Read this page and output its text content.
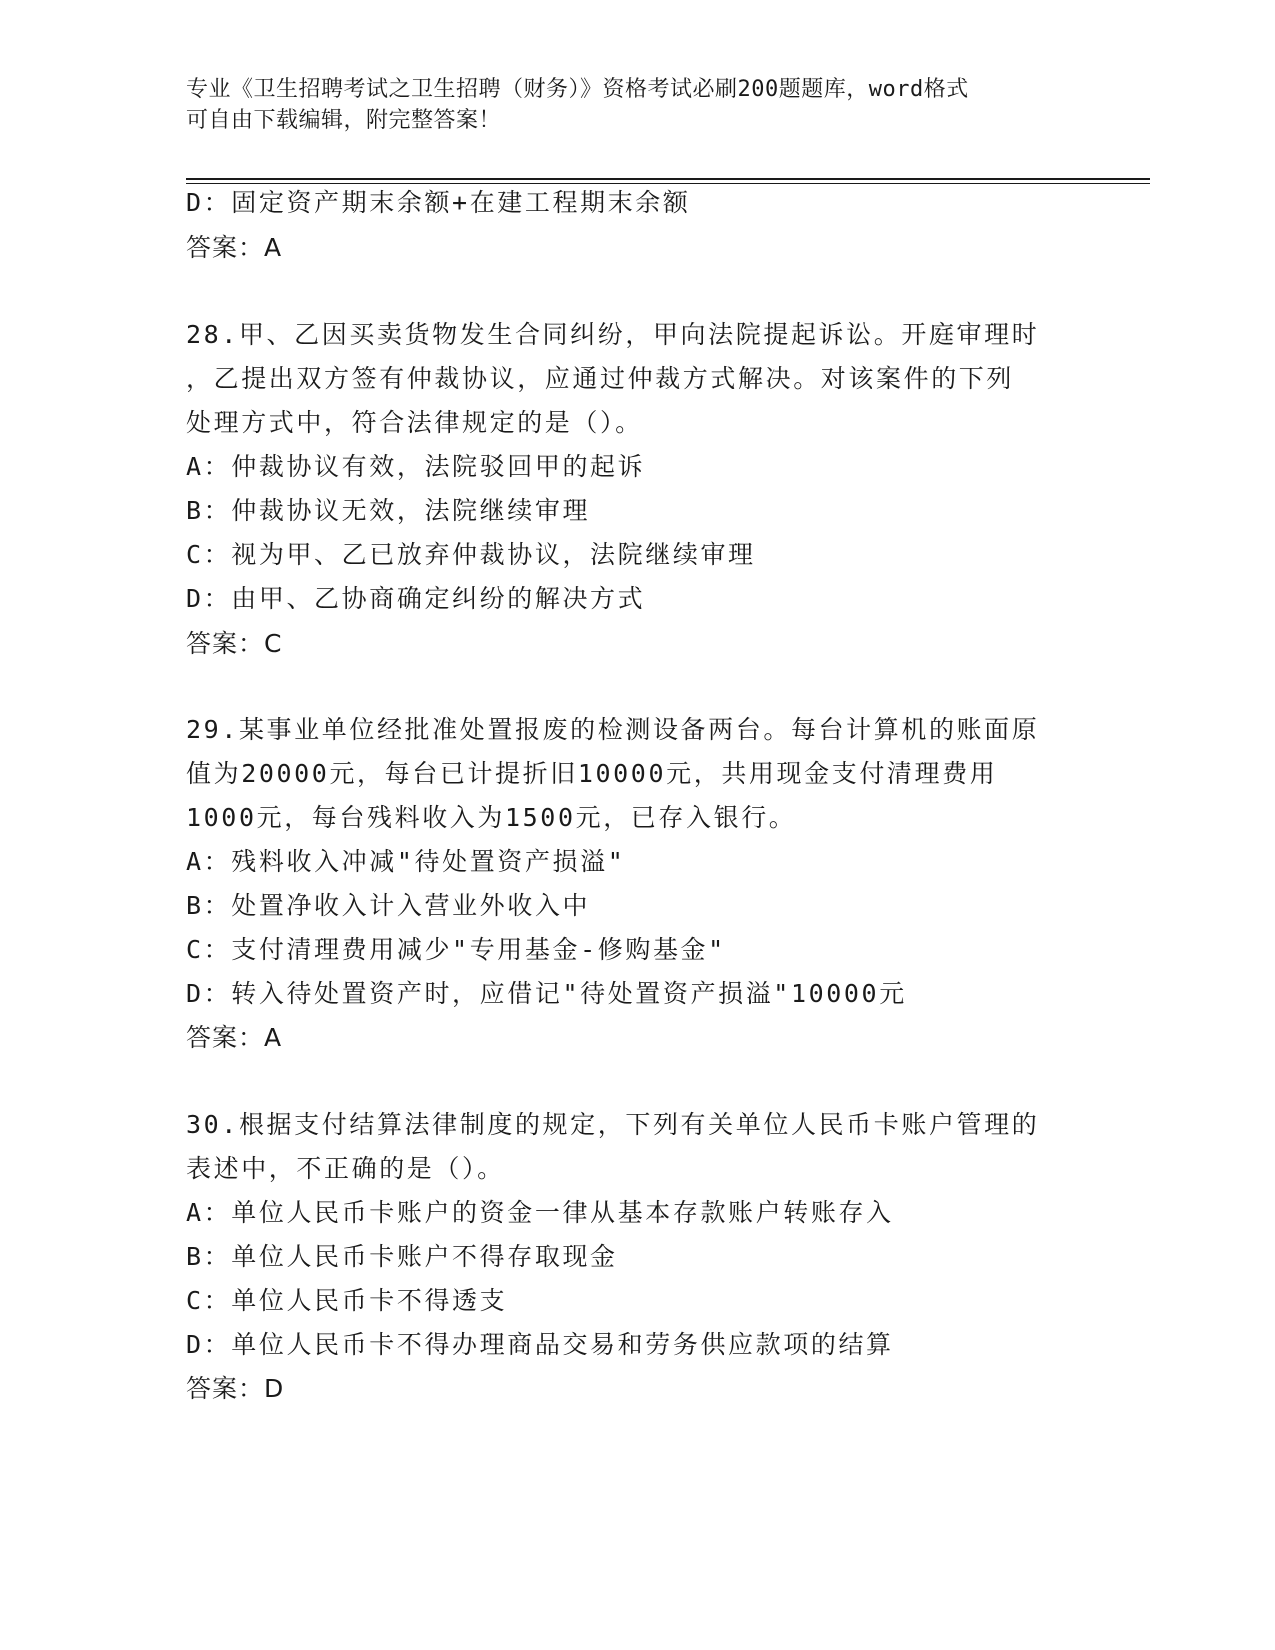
专业《卫生招聘考试之卫生招聘（财务）》资格考试必刷200题题库，word格式
可自由下载编辑，附完整答案！
D：固定资产期末余额+在建工程期末余额
答案：A
28.甲、乙因买卖货物发生合同纠纷，甲向法院提起诉讼。开庭审理时
，乙提出双方签有仲裁协议，应通过仲裁方式解决。对该案件的下列
处理方式中，符合法律规定的是（）。
A：仲裁协议有效，法院驳回甲的起诉
B：仲裁协议无效，法院继续审理
C：视为甲、乙已放弃仲裁协议，法院继续审理
D：由甲、乙协商确定纠纷的解决方式
答案：C
29.某事业单位经批准处置报废的检测设备两台。每台计算机的账面原
值为20000元，每台已计提折旧10000元，共用现金支付清理费用
1000元，每台残料收入为1500元，已存入银行。
A：残料收入冲减"待处置资产损溢"
B：处置净收入计入营业外收入中
C：支付清理费用减少"专用基金-修购基金"
D：转入待处置资产时，应借记"待处置资产损溢"10000元
答案：A
30.根据支付结算法律制度的规定，下列有关单位人民币卡账户管理的
表述中，不正确的是（）。
A：单位人民币卡账户的资金一律从基本存款账户转账存入
B：单位人民币卡账户不得存取现金
C：单位人民币卡不得透支
D：单位人民币卡不得办理商品交易和劳务供应款项的结算
答案：D
